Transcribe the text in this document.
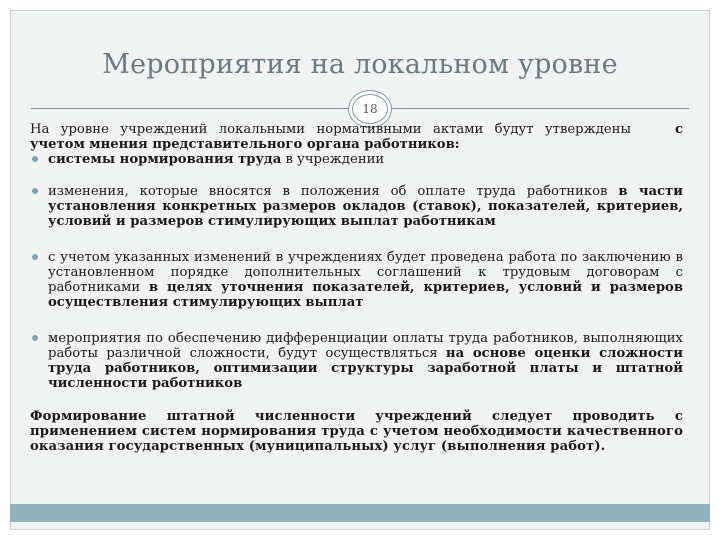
Мероприятия на локальном уровне
18

На уровне учреждений локальными нормативными актами будут утверждены	с учетом мнения представительного органа работников:

системы нормирования труда в учреждении
изменения, которые вносятся в положения об оплате труда работников в части установления конкретных размеров окладов (ставок), показателей, критериев, условий и размеров стимулирующих выплат работникам
с учетом указанных изменений в учреждениях будет проведена работа по заключению в установленном порядке дополнительных соглашений к трудовым договорам с работниками в целях уточнения показателей, критериев, условий и размеров осуществления стимулирующих выплат
мероприятия по обеспечению дифференциации оплаты труда работников, выполняющих работы различной сложности, будут осуществляться на основе оценки сложности труда работников, оптимизации структуры заработной платы и штатной численности работников

Формирование штатной численности учреждений следует проводить с применением систем нормирования труда с учетом необходимости качественного оказания государственных (муниципальных) услуг (выполнения работ).
